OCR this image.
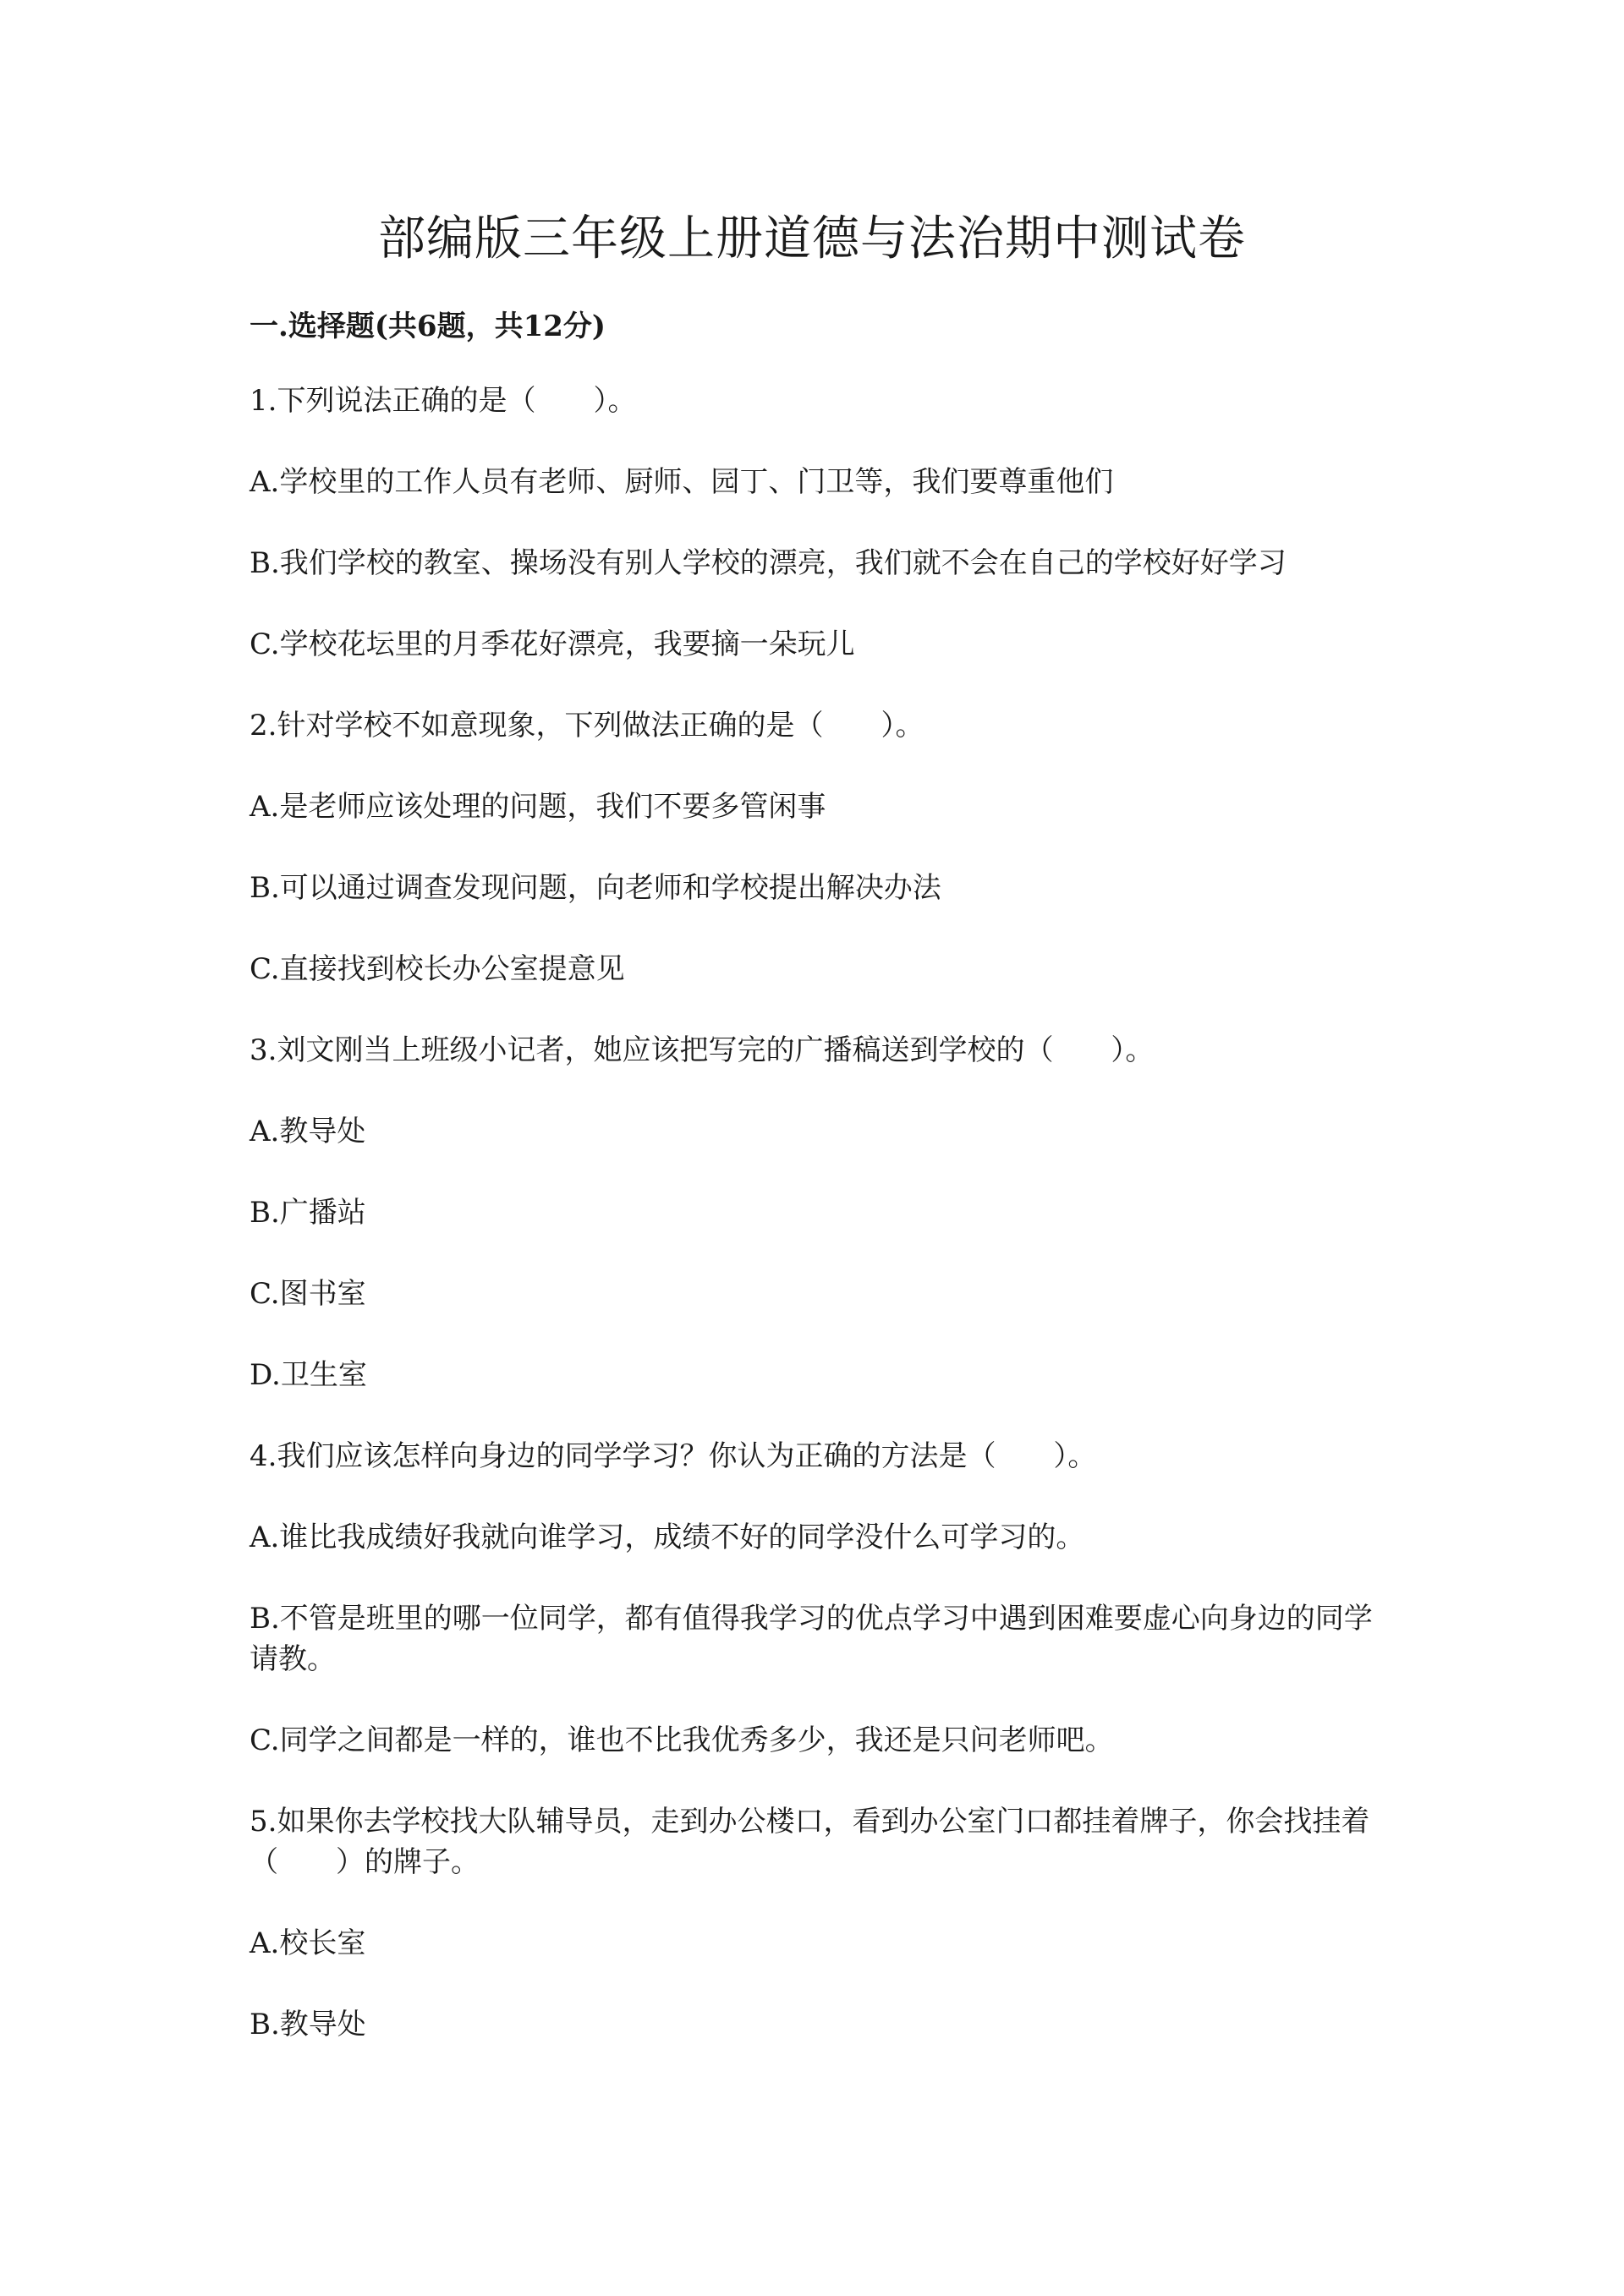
部编版三年级上册道德与法治期中测试卷
一.选择题(共6题，共12分)

1.下列说法正确的是（　　）。

A.学校里的工作人员有老师、厨师、园丁、门卫等，我们要尊重他们

B.我们学校的教室、操场没有别人学校的漂亮，我们就不会在自己的学校好好学习

C.学校花坛里的月季花好漂亮，我要摘一朵玩儿

2.针对学校不如意现象，下列做法正确的是（　　）。

A.是老师应该处理的问题，我们不要多管闲事

B.可以通过调查发现问题，向老师和学校提出解决办法

C.直接找到校长办公室提意见

3.刘文刚当上班级小记者，她应该把写完的广播稿送到学校的（　　）。

A.教导处

B.广播站

C.图书室

D.卫生室

4.我们应该怎样向身边的同学学习？你认为正确的方法是（　　）。

A.谁比我成绩好我就向谁学习，成绩不好的同学没什么可学习的。

B.不管是班里的哪一位同学，都有值得我学习的优点学习中遇到困难要虚心向身边的同学请教。

C.同学之间都是一样的，谁也不比我优秀多少，我还是只问老师吧。

5.如果你去学校找大队辅导员，走到办公楼口，看到办公室门口都挂着牌子，你会找挂着（　　）的牌子。

A.校长室

B.教导处
